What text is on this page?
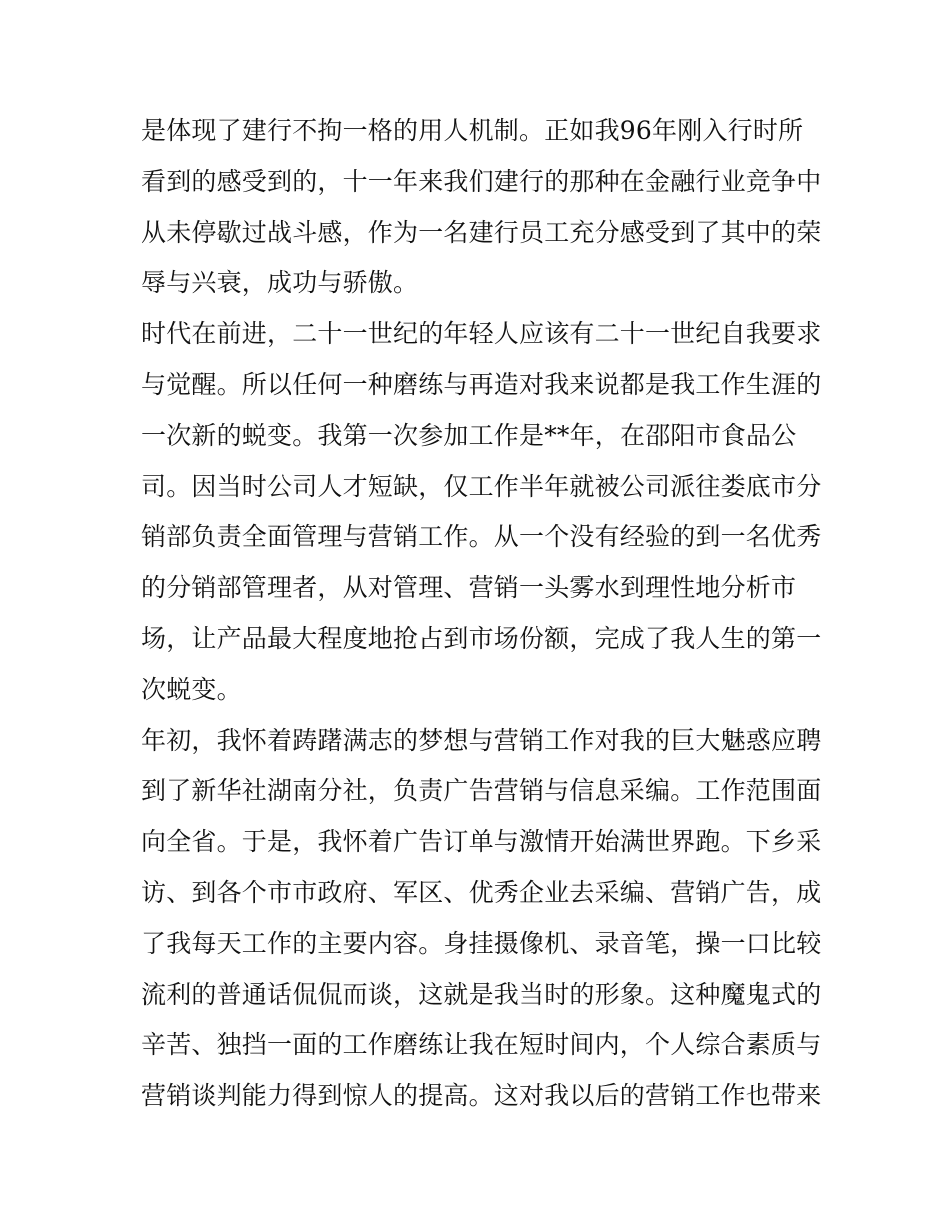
是体现了建行不拘一格的用人机制。正如我96年刚入行时所
看到的感受到的，十一年来我们建行的那种在金融行业竞争中
从未停歇过战斗感，作为一名建行员工充分感受到了其中的荣
辱与兴衰，成功与骄傲。
时代在前进，二十一世纪的年轻人应该有二十一世纪自我要求
与觉醒。所以任何一种磨练与再造对我来说都是我工作生涯的
一次新的蜕变。我第一次参加工作是**年，在邵阳市食品公
司。因当时公司人才短缺，仅工作半年就被公司派往娄底市分
销部负责全面管理与营销工作。从一个没有经验的到一名优秀
的分销部管理者，从对管理、营销一头雾水到理性地分析市
场，让产品最大程度地抢占到市场份额，完成了我人生的第一
次蜕变。
年初，我怀着踌躇满志的梦想与营销工作对我的巨大魅惑应聘
到了新华社湖南分社，负责广告营销与信息采编。工作范围面
向全省。于是，我怀着广告订单与激情开始满世界跑。下乡采
访、到各个市市政府、军区、优秀企业去采编、营销广告，成
了我每天工作的主要内容。身挂摄像机、录音笔，操一口比较
流利的普通话侃侃而谈，这就是我当时的形象。这种魔鬼式的
辛苦、独挡一面的工作磨练让我在短时间内，个人综合素质与
营销谈判能力得到惊人的提高。这对我以后的营销工作也带来
